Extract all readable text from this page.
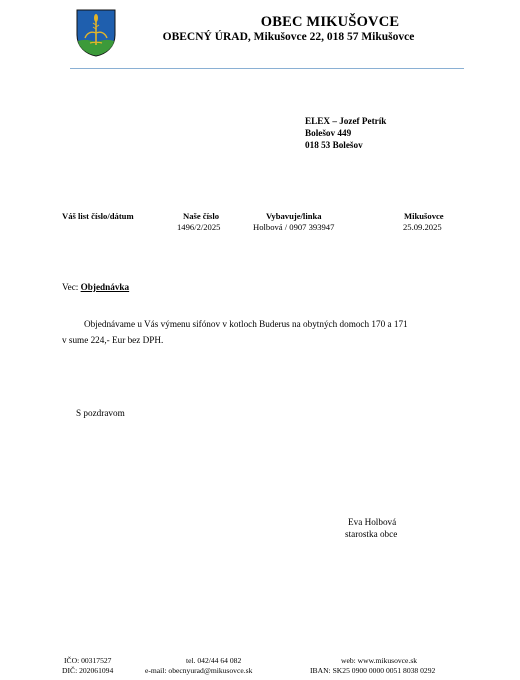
OBEC MIKUŠOVCE
OBECNÝ ÚRAD, Mikušovce 22, 018 57 Mikušovce
ELEX – Jozef Petrík
Bolešov 449
018 53 Bolešov
Váš list číslo/dátum	Naše číslo
1496/2/2025
Vybavuje/linka
Holbová / 0907 393947
Mikušovce
25.09.2025
Vec: Objednávka
Objednávame u Vás výmenu sifónov v kotloch Buderus na obytných domoch 170 a 171
v sume 224,- Eur bez DPH.
S pozdravom
Eva Holbová
starostka obce
IČO: 00317527
DIČ: 202061094
tel. 042/44 64 082
e-mail: obecnyurad@mikusovce.sk
web: www.mikusovce.sk
IBAN: SK25 0900 0000 0051 8038 0292
